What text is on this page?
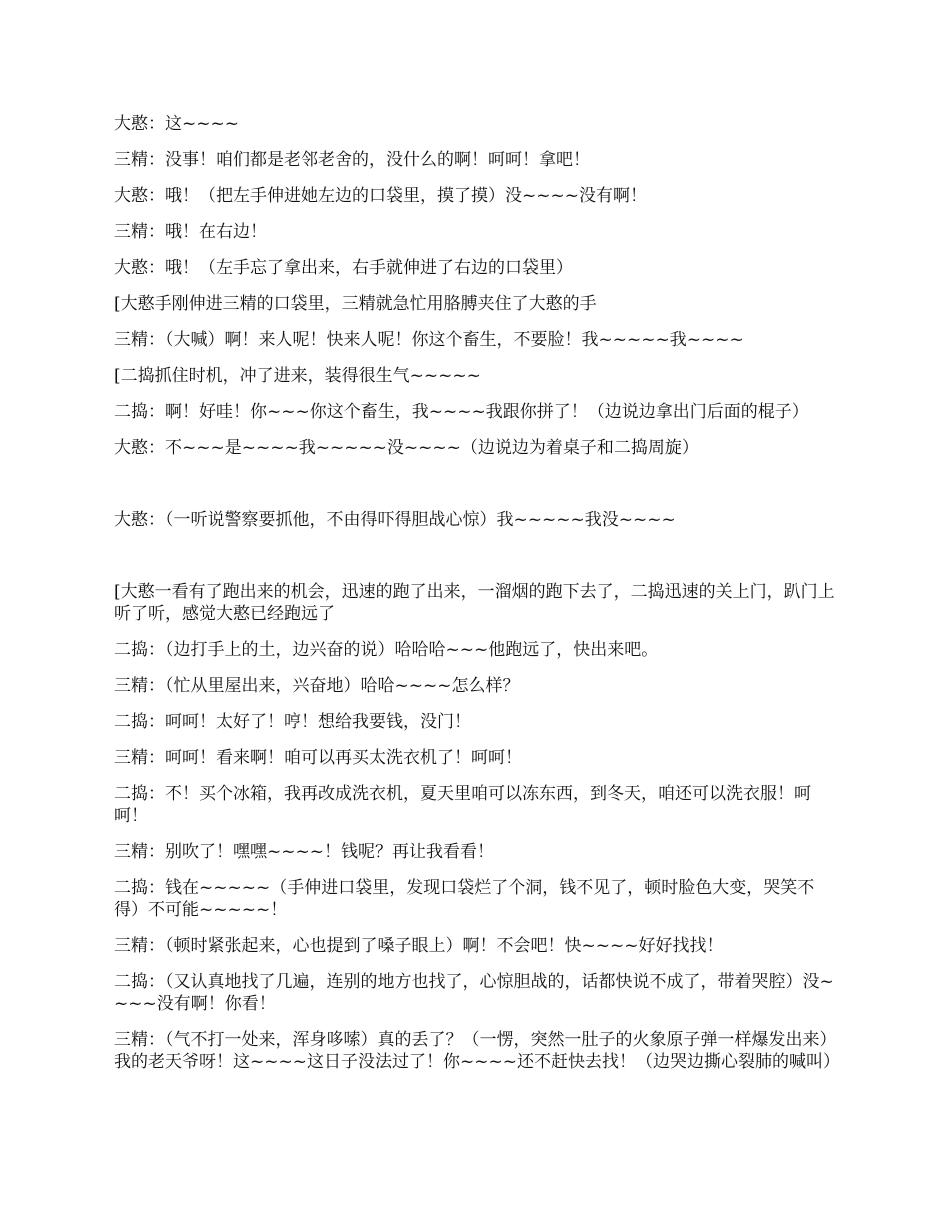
大憨：这~~~~

三精：没事！咱们都是老邻老舍的，没什么的啊！呵呵！拿吧！

大憨：哦！（把左手伸进她左边的口袋里，摸了摸）没~~~~没有啊！

三精：哦！在右边！

大憨：哦！（左手忘了拿出来，右手就伸进了右边的口袋里）

[大憨手刚伸进三精的口袋里，三精就急忙用胳膊夹住了大憨的手

三精：（大喊）啊！来人呢！快来人呢！你这个畜生，不要脸！我~~~~~我~~~~

[二捣抓住时机，冲了进来，装得很生气~~~~~

二捣：啊！好哇！你~~~你这个畜生，我~~~~我跟你拼了！（边说边拿出门后面的棍子）

大憨：不~~~是~~~~我~~~~~没~~~~（边说边为着桌子和二捣周旋）

大憨：（一听说警察要抓他，不由得吓得胆战心惊）我~~~~~我没~~~~

[大憨一看有了跑出来的机会，迅速的跑了出来，一溜烟的跑下去了，二捣迅速的关上门，趴门上听了听，感觉大憨已经跑远了

二捣：（边打手上的土，边兴奋的说）哈哈哈~~~他跑远了，快出来吧。

三精：（忙从里屋出来，兴奋地）哈哈~~~~怎么样？

二捣：呵呵！太好了！哼！想给我要钱，没门！

三精：呵呵！看来啊！咱可以再买太洗衣机了！呵呵！

二捣：不！买个冰箱，我再改成洗衣机，夏天里咱可以冻东西，到冬天，咱还可以洗衣服！呵呵！

三精：别吹了！嘿嘿~~~~！钱呢？再让我看看！

二捣：钱在~~~~~（手伸进口袋里，发现口袋烂了个洞，钱不见了，顿时脸色大变，哭笑不得）不可能~~~~~！

三精：（顿时紧张起来，心也提到了嗓子眼上）啊！不会吧！快~~~~好好找找！

二捣：（又认真地找了几遍，连别的地方也找了，心惊胆战的，话都快说不成了，带着哭腔）没~~~~没有啊！你看！

三精：（气不打一处来，浑身哆嗦）真的丢了？（一愣，突然一肚子的火象原子弹一样爆发出来）我的老天爷呀！这~~~~这日子没法过了！你~~~~还不赶快去找！（边哭边撕心裂肺的喊叫）
